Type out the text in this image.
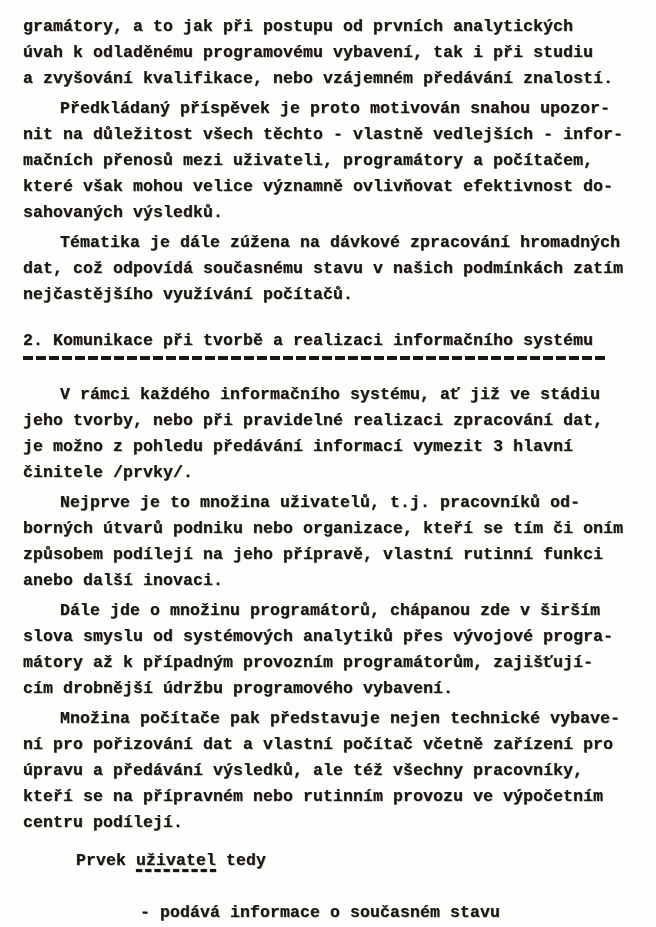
gramátory, a to jak při postupu od prvních analytických
úvah k odladěnému programovému vybavení, tak i při studiu
a zvyšování kvalifikace, nebo vzájemném předávání znalostí.
Předkládaný příspěvek je proto motivován snahou upozor-
nit na důležitost všech těchto - vlastně vedlejších - infor-
mačních přenosů mezi uživateli, programátory a počítačem,
které však mohou velice významně ovlivňovat efektivnost do-
sahovaných výsledků.
Tématika je dále zúžena na dávkové zpracování hromadných
dat, což odpovídá současnému stavu v našich podmínkách zatím
nejčastějšího využívání počítačů.
2. Komunikace při tvorbě a realizaci informačního systému
V rámci každého informačního systému, ať již ve stádiu
jeho tvorby, nebo při pravidelné realizaci zpracování dat,
je možno z pohledu předávání informací vymezit 3 hlavní
činitele /prvky/.
Nejprve je to množina uživatelů, t.j. pracovníků od-
borných útvarů podniku nebo organizace, kteří se tím či oním
způsobem podílejí na jeho přípravě, vlastní rutinní funkci
anebo další inovaci.
Dále jde o množinu programátorů, chápanou zde v širším
slova smyslu od systémových analytiků přes vývojové progra-
mátory až k případným provozním programátorům, zajišťují-
cím drobnější údržbu programového vybavení.
Množina počítače pak představuje nejen technické vybave-
ní pro pořizování dat a vlastní počítač včetně zařízení pro
úpravu a předávání výsledků, ale též všechny pracovníky,
kteří se na přípravném nebo rutinním provozu ve výpočetním
centru podílejí.
Prvek uživatel tedy
- podává informace o současném stavu
